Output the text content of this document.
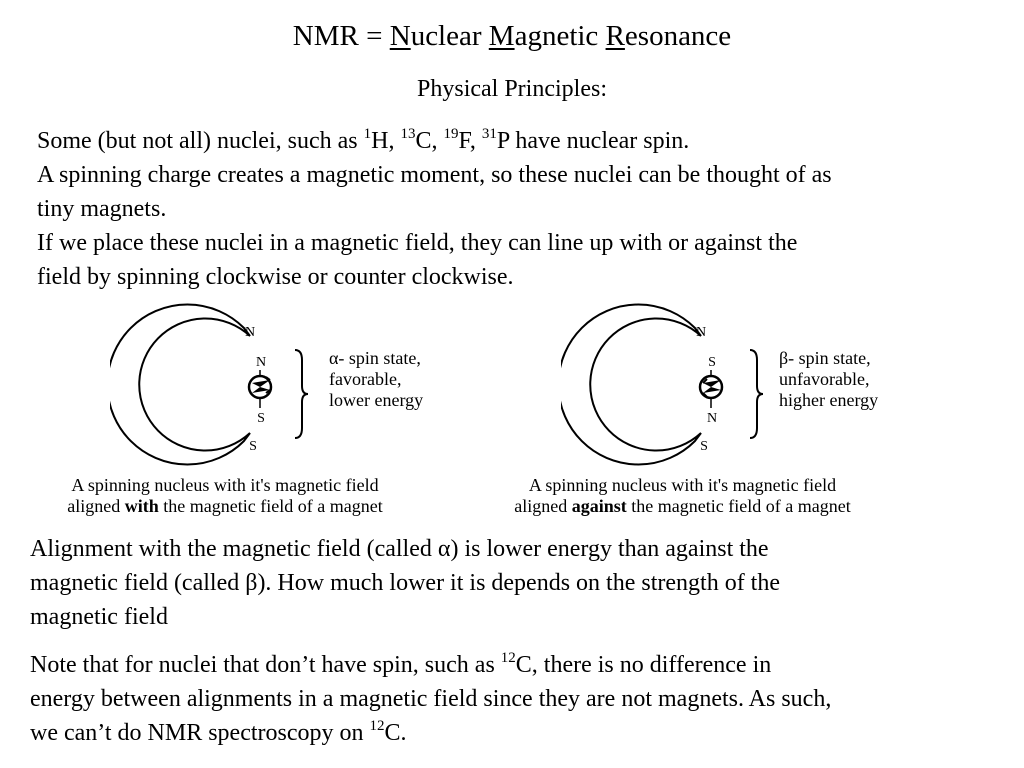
NMR = Nuclear Magnetic Resonance
Physical Principles:
Some (but not all) nuclei, such as $^1$H, $^{13}$C, $^{19}$F, $^{31}$P have nuclear spin.
A spinning charge creates a magnetic moment, so these nuclei can be thought of as
tiny magnets.
If we place these nuclei in a magnetic field, they can line up with or against the
field by spinning clockwise or counter clockwise.
N
S
N
S
α- spin state,
favorable,
lower energy
A spinning nucleus with it's magnetic field
aligned with the magnetic field of a magnet
N
S
S
N
β- spin state,
unfavorable,
higher energy
A spinning nucleus with it's magnetic field
aligned against the magnetic field of a magnet
Alignment with the magnetic field (called α) is lower energy than against the
magnetic field (called β). How much lower it is depends on the strength of the
magnetic field
Note that for nuclei that don’t have spin, such as $^{12}$C, there is no difference in
energy between alignments in a magnetic field since they are not magnets. As such,
we can’t do NMR spectroscopy on $^{12}$C.
